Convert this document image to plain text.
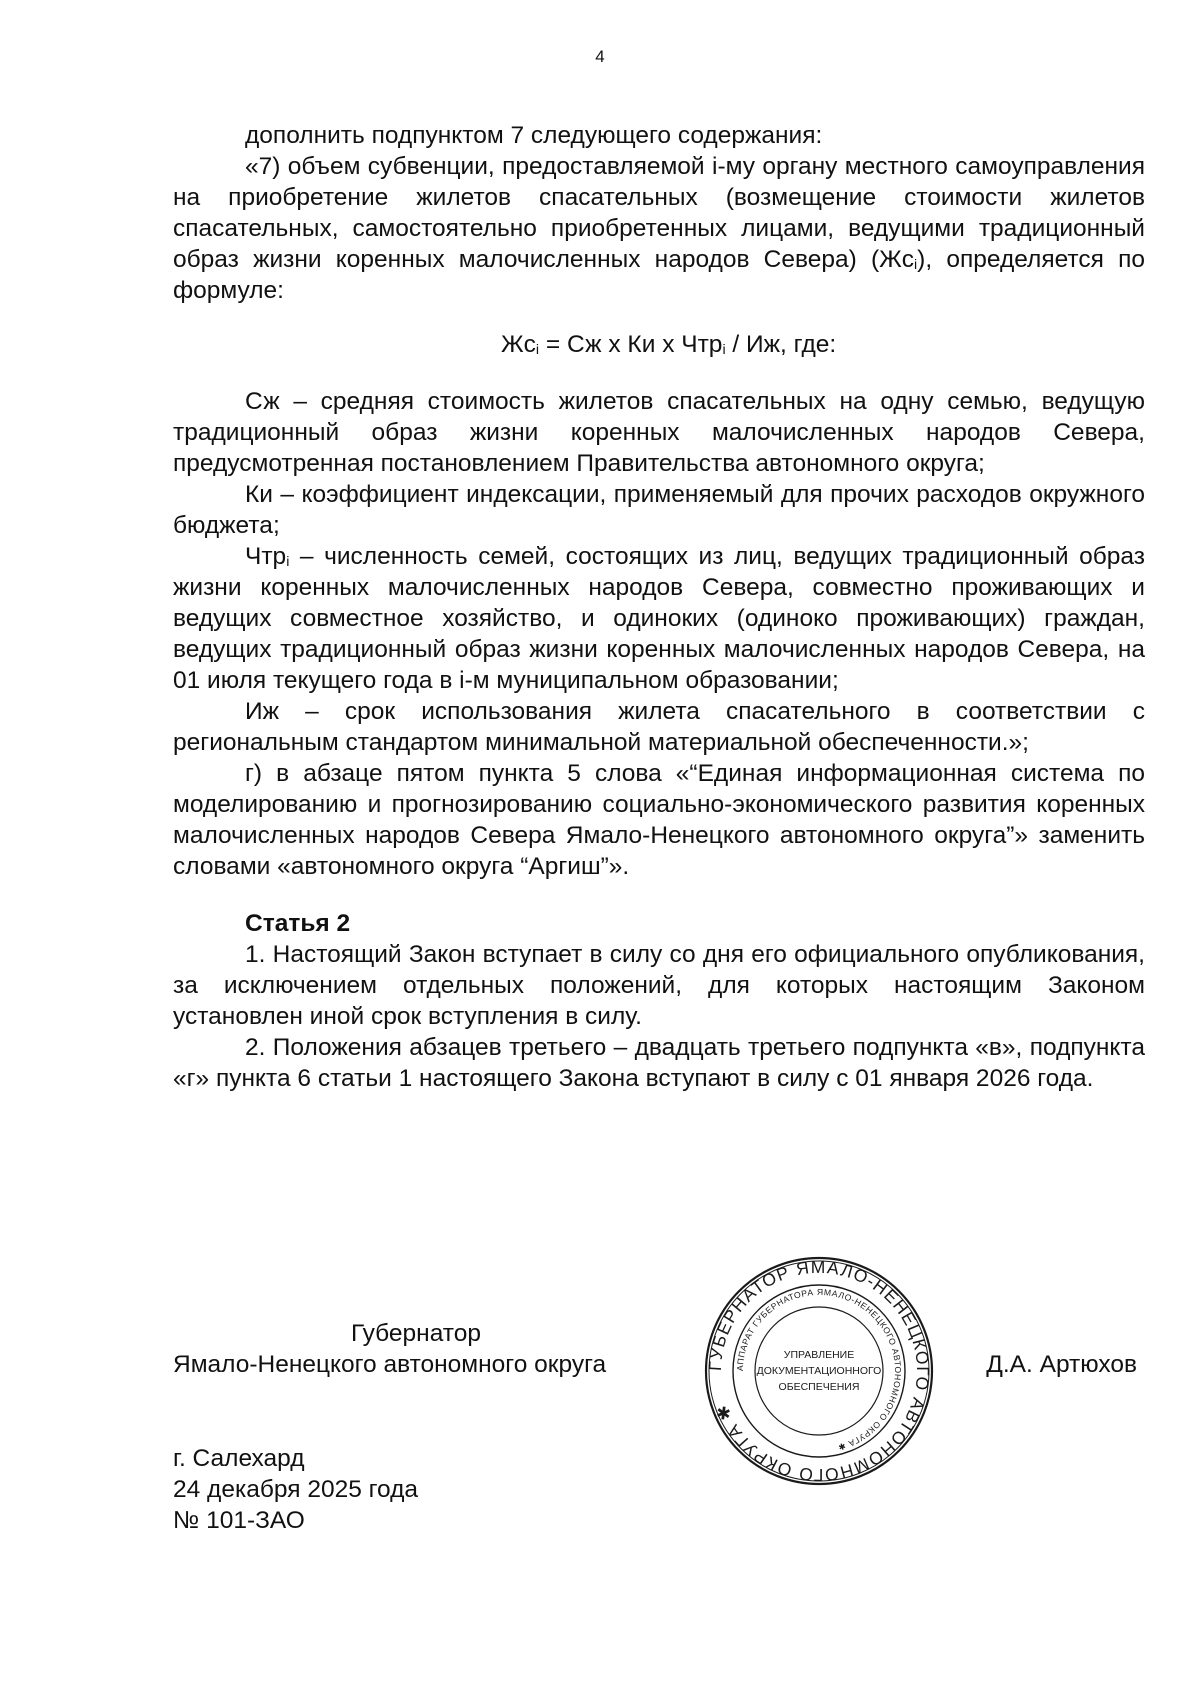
4

дополнить подпунктом 7 следующего содержания:

«7) объем субвенции, предоставляемой i-му органу местного самоуправления на приобретение жилетов спасательных (возмещение стоимости жилетов спасательных, самостоятельно приобретенных лицами, ведущими традиционный образ жизни коренных малочисленных народов Севера) $(Жс_i)$, определяется по формуле:

$Жс_i$ = Сж x Ки x Чтр$_i$ / Иж, где:

Сж – средняя стоимость жилетов спасательных на одну семью, ведущую традиционный образ жизни коренных малочисленных народов Севера, предусмотренная постановлением Правительства автономного округа;

Ки – коэффициент индексации, применяемый для прочих расходов окружного бюджета;

Чтр$_i$ – численность семей, состоящих из лиц, ведущих традиционный образ жизни коренных малочисленных народов Севера, совместно проживающих и ведущих совместное хозяйство, и одиноких (одиноко проживающих) граждан, ведущих традиционный образ жизни коренных малочисленных народов Севера, на 01 июля текущего года в i-м муниципальном образовании;

Иж – срок использования жилета спасательного в соответствии с региональным стандартом минимальной материальной обеспеченности.»;

г) в абзаце пятом пункта 5 слова «“Единая информационная система по моделированию и прогнозированию социально-экономического развития коренных малочисленных народов Севера Ямало-Ненецкого автономного округа”» заменить словами «автономного округа “Аргиш”».

Статья 2

1. Настоящий Закон вступает в силу со дня его официального опубликования, за исключением отдельных положений, для которых настоящим Законом установлен иной срок вступления в силу.

2. Положения абзацев третьего – двадцать третьего подпункта «в», подпункта «г» пункта 6 статьи 1 настоящего Закона вступают в силу с 01 января 2026 года.

Губернатор
Ямало-Ненецкого автономного округа	ГУБЕРНАТОР ЯМАЛО-НЕНЕЦКОГО АВТОНОМНОГО ОКРУГА ✱
АППАРАТ ГУБЕРНАТОРА ЯМАЛО-НЕНЕЦКОГО АВТОНОМНОГО ОКРУГА ✱
УПРАВЛЕНИЕ
ДОКУМЕНТАЦИОННОГО
ОБЕСПЕЧЕНИЯ
Д.А. Артюхов
г. Салехард
24 декабря 2025 года
№ 101-ЗАО
